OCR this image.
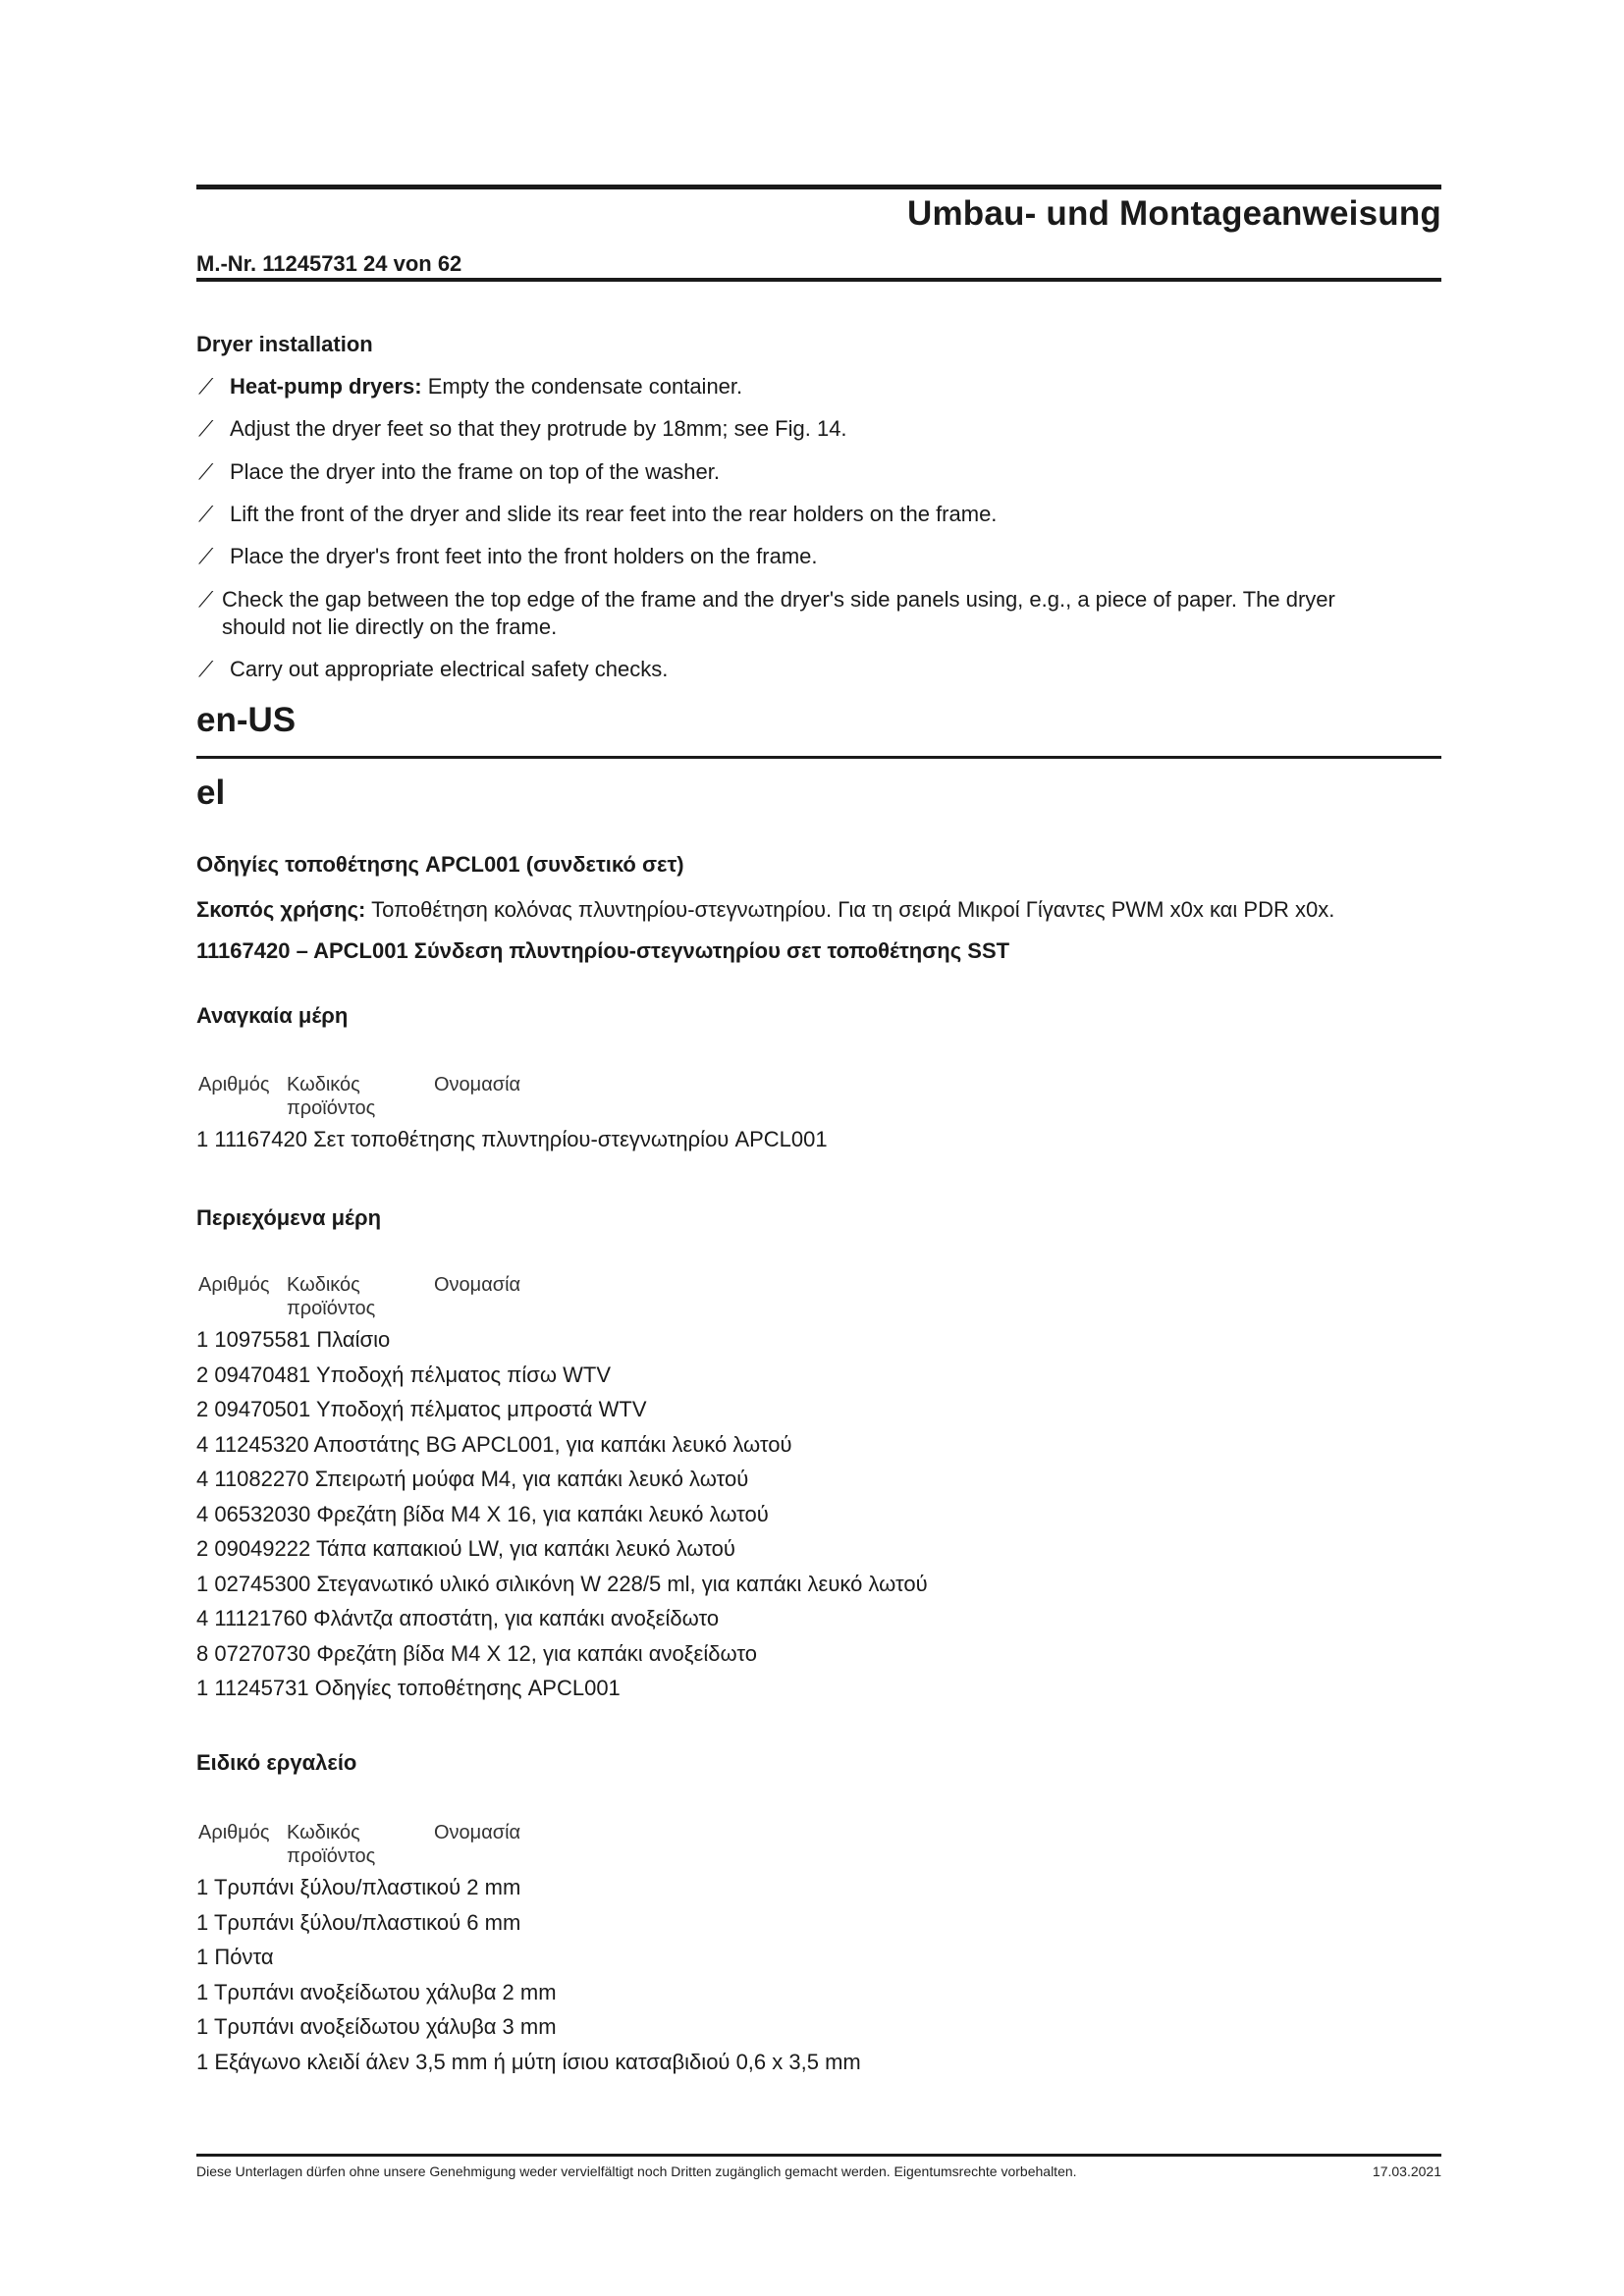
Umbau- und Montageanweisung
M.-Nr. 11245731 24 von 62
Dryer installation
⟋ Heat-pump dryers: Empty the condensate container.
⟋ Adjust the dryer feet so that they protrude by 18mm; see Fig. 14.
⟋ Place the dryer into the frame on top of the washer.
⟋ Lift the front of the dryer and slide its rear feet into the rear holders on the frame.
⟋ Place the dryer's front feet into the front holders on the frame.
⟋ Check the gap between the top edge of the frame and the dryer's side panels using, e.g., a piece of paper. The dryer
should not lie directly on the frame.
⟋ Carry out appropriate electrical safety checks.
en-US
el
Οδηγίες τοποθέτησης APCL001 (συνδετικό σετ)
Σκοπός χρήσης: Τοποθέτηση κολόνας πλυντηρίου-στεγνωτηρίου. Για τη σειρά Μικροί Γίγαντες PWM x0x και PDR x0x.
11167420 – APCL001 Σύνδεση πλυντηρίου-στεγνωτηρίου σετ τοποθέτησης SST
Αναγκαία μέρη
Αριθμός Κωδικός
προϊόντος
Ονομασία
1 11167420 Σετ τοποθέτησης πλυντηρίου-στεγνωτηρίου APCL001
Περιεχόμενα μέρη
Αριθμός Κωδικός
προϊόντος
Ονομασία
1 10975581 Πλαίσιο
2 09470481 Υποδοχή πέλματος πίσω WTV
2 09470501 Υποδοχή πέλματος μπροστά WTV
4 11245320 Αποστάτης BG APCL001, για καπάκι λευκό λωτού
4 11082270 Σπειρωτή μούφα M4, για καπάκι λευκό λωτού
4 06532030 Φρεζάτη βίδα M4 X 16, για καπάκι λευκό λωτού
2 09049222 Τάπα καπακιού LW, για καπάκι λευκό λωτού
1 02745300 Στεγανωτικό υλικό σιλικόνη W 228/5 ml, για καπάκι λευκό λωτού
4 11121760 Φλάντζα αποστάτη, για καπάκι ανοξείδωτο
8 07270730 Φρεζάτη βίδα M4 X 12, για καπάκι ανοξείδωτο
1 11245731 Οδηγίες τοποθέτησης APCL001
Ειδικό εργαλείο
Αριθμός Κωδικός
προϊόντος
Ονομασία
1 Τρυπάνι ξύλου/πλαστικού 2 mm
1 Τρυπάνι ξύλου/πλαστικού 6 mm
1 Πόντα
1 Τρυπάνι ανοξείδωτου χάλυβα 2 mm
1 Τρυπάνι ανοξείδωτου χάλυβα 3 mm
1 Εξάγωνο κλειδί άλεν 3,5 mm ή μύτη ίσιου κατσαβιδιού 0,6 x 3,5 mm
Diese Unterlagen dürfen ohne unsere Genehmigung weder vervielfältigt noch Dritten zugänglich gemacht werden. Eigentumsrechte vorbehalten.	17.03.2021
